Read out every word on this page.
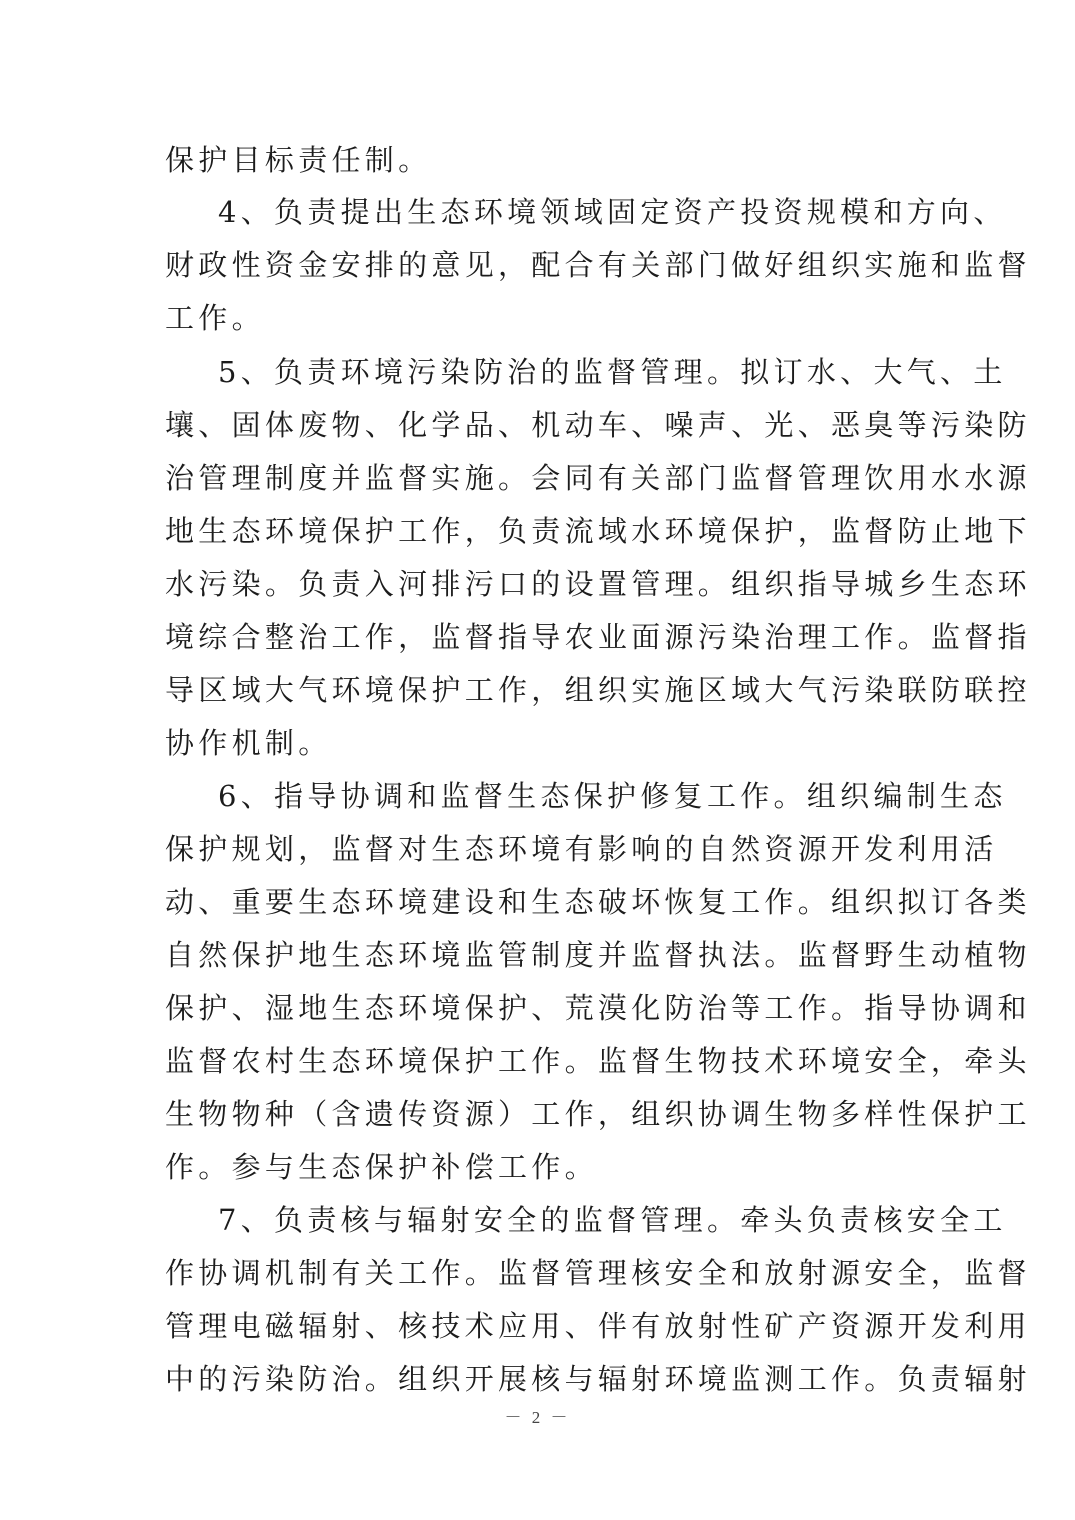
保护目标责任制。
4、负责提出生态环境领域固定资产投资规模和方向、
财政性资金安排的意见，配合有关部门做好组织实施和监督
工作。
5、负责环境污染防治的监督管理。拟订水、大气、土
壤、固体废物、化学品、机动车、噪声、光、恶臭等污染防
治管理制度并监督实施。会同有关部门监督管理饮用水水源
地生态环境保护工作，负责流域水环境保护，监督防止地下
水污染。负责入河排污口的设置管理。组织指导城乡生态环
境综合整治工作，监督指导农业面源污染治理工作。监督指
导区域大气环境保护工作，组织实施区域大气污染联防联控
协作机制。
6、指导协调和监督生态保护修复工作。组织编制生态
保护规划，监督对生态环境有影响的自然资源开发利用活
动、重要生态环境建设和生态破坏恢复工作。组织拟订各类
自然保护地生态环境监管制度并监督执法。监督野生动植物
保护、湿地生态环境保护、荒漠化防治等工作。指导协调和
监督农村生态环境保护工作。监督生物技术环境安全，牵头
生物物种（含遗传资源）工作，组织协调生物多样性保护工
作。参与生态保护补偿工作。
7、负责核与辐射安全的监督管理。牵头负责核安全工
作协调机制有关工作。监督管理核安全和放射源安全，监督
管理电磁辐射、核技术应用、伴有放射性矿产资源开发利用
中的污染防治。组织开展核与辐射环境监测工作。负责辐射
－ 2 －
